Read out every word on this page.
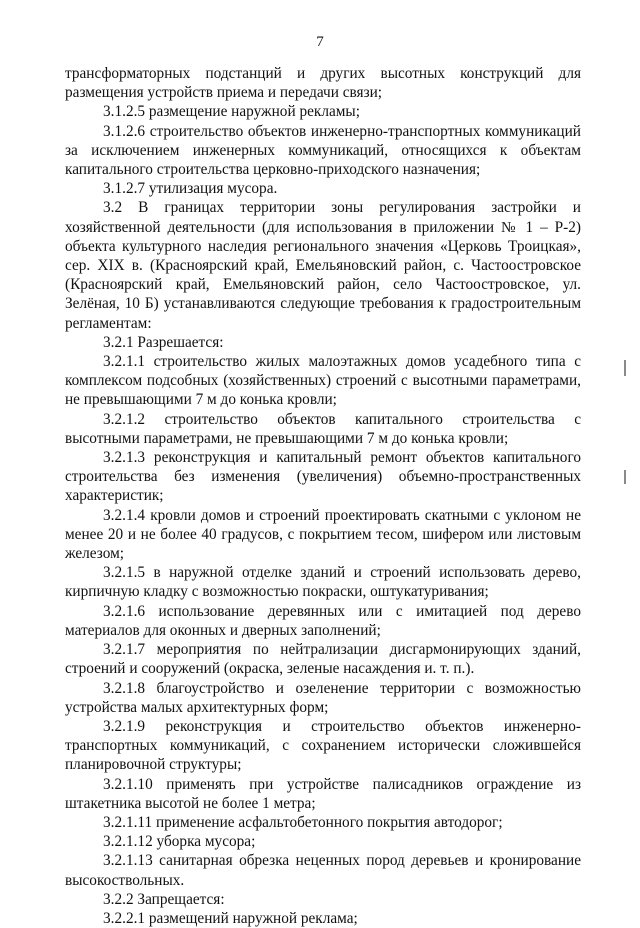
7

трансформаторных подстанций и других высотных конструкций для размещения устройств приема и передачи связи;

3.1.2.5 размещение наружной рекламы;

3.1.2.6 строительство объектов инженерно-транспортных коммуникаций за исключением инженерных коммуникаций, относящихся к объектам капитального строительства церковно-приходского назначения;

3.1.2.7 утилизация мусора.

3.2 В границах территории зоны регулирования застройки и хозяйственной деятельности (для использования в приложении № 1 – Р-2) объекта культурного наследия регионального значения «Церковь Троицкая», сер. XIX в. (Красноярский край, Емельяновский район, с. Частоостровское (Красноярский край, Емельяновский район, село Частоостровское, ул. Зелёная, 10 Б) устанавливаются следующие требования к градостроительным регламентам:

3.2.1 Разрешается:

3.2.1.1 строительство жилых малоэтажных домов усадебного типа с комплексом подсобных (хозяйственных) строений с высотными параметрами, не превышающими 7 м до конька кровли;

3.2.1.2 строительство объектов капитального строительства с высотными параметрами, не превышающими 7 м до конька кровли;

3.2.1.3 реконструкция и капитальный ремонт объектов капитального строительства без изменения (увеличения) объемно-пространственных характеристик;

3.2.1.4 кровли домов и строений проектировать скатными с уклоном не менее 20 и не более 40 градусов, с покрытием тесом, шифером или листовым железом;

3.2.1.5 в наружной отделке зданий и строений использовать дерево, кирпичную кладку с возможностью покраски, оштукатуривания;

3.2.1.6 использование деревянных или с имитацией под дерево материалов для оконных и дверных заполнений;

3.2.1.7 мероприятия по нейтрализации дисгармонирующих зданий, строений и сооружений (окраска, зеленые насаждения и. т. п.).

3.2.1.8 благоустройство и озеленение территории с возможностью устройства малых архитектурных форм;

3.2.1.9 реконструкция и строительство объектов инженерно-транспортных коммуникаций, с сохранением исторически сложившейся планировочной структуры;

3.2.1.10 применять при устройстве палисадников ограждение из штакетника высотой не более 1 метра;

3.2.1.11 применение асфальтобетонного покрытия автодорог;

3.2.1.12 уборка мусора;

3.2.1.13 санитарная обрезка неценных пород деревьев и кронирование высокоствольных.

3.2.2 Запрещается:

3.2.2.1 размещений наружной реклама;
